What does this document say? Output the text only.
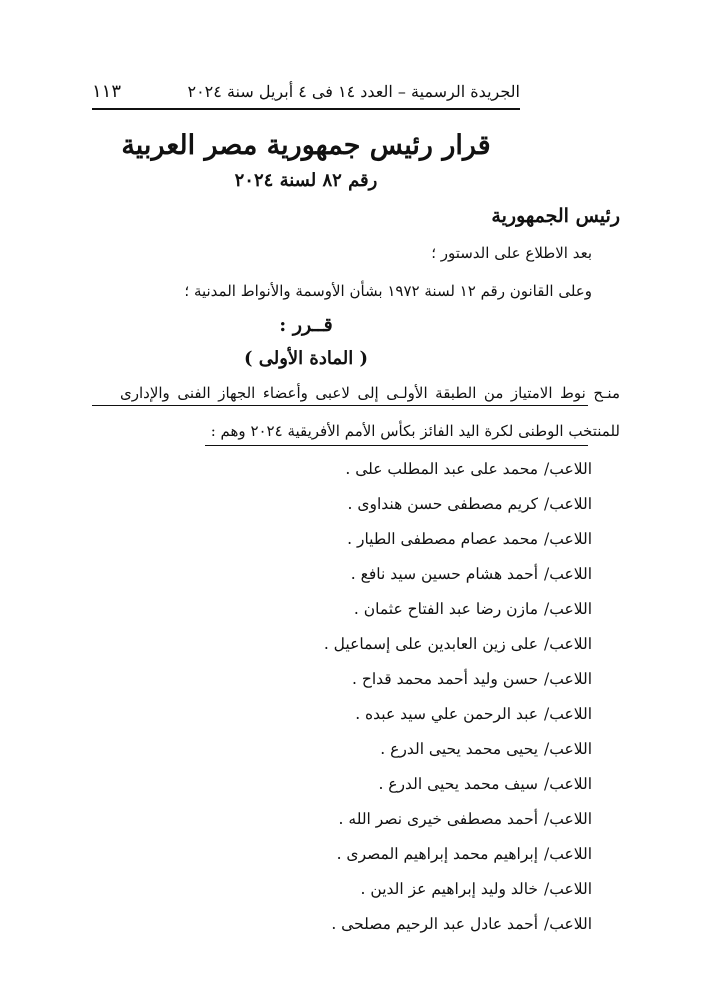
الجريدة الرسمية – العدد ١٤ فى ٤ أبريل سنة ٢٠٢٤
١١٣
قرار رئيس جمهورية مصر العربية
رقم ٨٢ لسنة ٢٠٢٤
رئيس الجمهورية
بعد الاطلاع على الدستور ؛
وعلى القانون رقم ١٢ لسنة ١٩٧٢ بشأن الأوسمة والأنواط المدنية ؛
قــرر :
( المادة الأولى )
منـح نوط الامتياز من الطبقة الأولـى إلى لاعبى وأعضاء الجهاز الفنى والإدارى
للمنتخب الوطنى لكرة اليد الفائز بكأس الأمم الأفريقية ٢٠٢٤ وهم :
اللاعب/محمد على عبد المطلب على .
اللاعب/كريم مصطفى حسن هنداوى .
اللاعب/محمد عصام مصطفى الطيار .
اللاعب/أحمد هشام حسين سيد نافع .
اللاعب/مازن رضا عبد الفتاح عثمان .
اللاعب/على زين العابدين على إسماعيل .
اللاعب/حسن وليد أحمد محمد قداح .
اللاعب/عبد الرحمن علي سيد عبده .
اللاعب/يحيى محمد يحيى الدرع .
اللاعب/سيف محمد يحيى الدرع .
اللاعب/أحمد مصطفى خيرى نصر الله .
اللاعب/إبراهيم محمد إبراهيم المصرى .
اللاعب/خالد وليد إبراهيم عز الدين .
اللاعب/أحمد عادل عبد الرحيم مصلحى .
